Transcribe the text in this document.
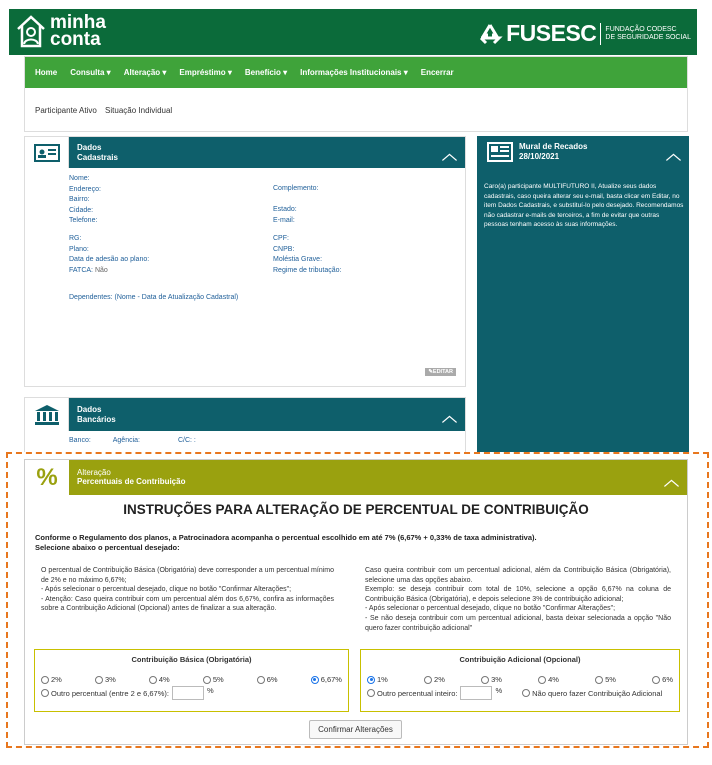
minha
conta	FUSESC FUNDAÇÃO CODESC
DE SEGURIDADE SOCIAL
Home Consulta ▾ Alteração ▾ Empréstimo ▾ Benefício ▾ Informações Institucionais ▾ Encerrar
Participante Ativo Situação Individual
Dados
Cadastrais	︿
Nome:
Endereço:
Bairro:
Cidade:
Telefone:
Complemento:
Estado:
E-mail:
RG:
Plano:
Data de adesão ao plano:
FATCA: Não
CPF:
CNPB:
Moléstia Grave:
Regime de tributação:
Dependentes: (Nome - Data de Atualização Cadastral)
✎EDITAR
Dados
Bancários	︿
Banco:	Agência:	C/C: :
Mural de Recados
28/10/2021	︿
Caro(a) participante MULTIFUTURO II, Atualize seus dados cadastrais, caso queira alterar seu e-mail, basta clicar em Editar, no item Dados Cadastrais, e substituí-lo pelo desejado. Recomendamos não cadastrar e-mails de terceiros, a fim de evitar que outras pessoas tenham acesso às suas informações.
%	Alteração
Percentuais de Contribuição	︿
INSTRUÇÕES PARA ALTERAÇÃO DE PERCENTUAL DE CONTRIBUIÇÃO
Conforme o Regulamento dos planos, a Patrocinadora acompanha o percentual escolhido em até 7% (6,67% + 0,33% de taxa administrativa).
Selecione abaixo o percentual desejado:
O percentual de Contribuição Básica (Obrigatória) deve corresponder a um percentual mínimo de 2% e no máximo 6,67%;
- Após selecionar o percentual desejado, clique no botão "Confirmar Alterações";
- Atenção: Caso queira contribuir com um percentual além dos 6,67%, confira as informações sobre a Contribuição Adicional (Opcional) antes de finalizar a sua alteração.
Caso queira contribuir com um percentual adicional, além da Contribuição Básica (Obrigatória), selecione uma das opções abaixo.
Exemplo: se deseja contribuir com total de 10%, selecione a opção 6,67% na coluna de Contribuição Básica (Obrigatória), e depois selecione 3% de contribuição adicional;
- Após selecionar o percentual desejado, clique no botão "Confirmar Alterações";
- Se não deseja contribuir com um percentual adicional, basta deixar selecionada a opção "Não quero fazer contribuição adicional"
Contribuição Básica (Obrigatória)
2%	3%	4%	5%	6%	6,67%
Outro percentual (entre 2 e 6,67%):	%
Contribuição Adicional (Opcional)
1%	2%	3%	4%	5%	6%
Outro percentual inteiro:	%	Não quero fazer Contribuição Adicional
Confirmar Alterações
